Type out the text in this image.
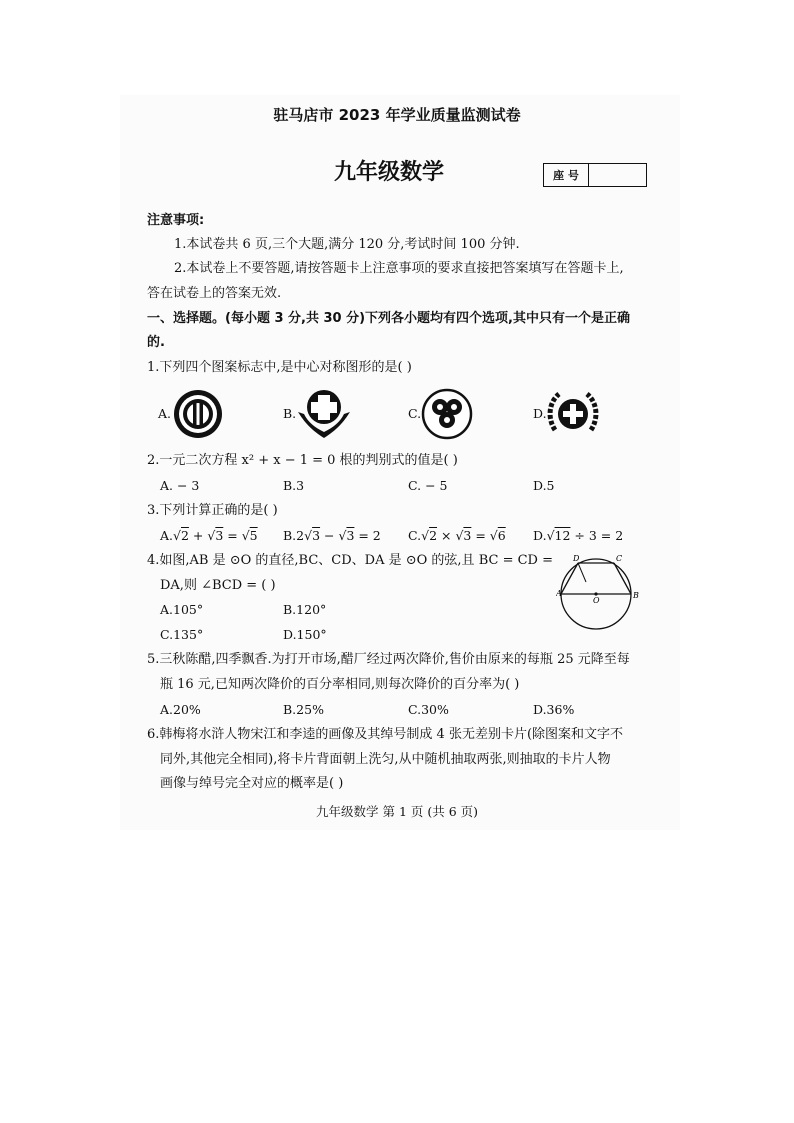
驻马店市 2023 年学业质量监测试卷
九年级数学	座 号
注意事项:
1.本试卷共 6 页,三个大题,满分 120 分,考试时间 100 分钟.
2.本试卷上不要答题,请按答题卡上注意事项的要求直接把答案填写在答题卡上,
答在试卷上的答案无效.
一、选择题。(每小题 3 分,共 30 分)下列各小题均有四个选项,其中只有一个是正确
的.
1.下列四个图案标志中,是中心对称图形的是( )
A.	B.	C.	D.
2.一元二次方程 x² + x − 1 = 0 根的判别式的值是( )
A. − 3	B.3	C. − 5	D.5
3.下列计算正确的是( )
A.√2 + √3 = √5 B.2√3 − √3 = 2 C.√2 × √3 = √6 D.√12 ÷ 3 = 2
4.如图,AB 是 ⊙O 的直径,BC、CD、DA 是 ⊙O 的弦,且 BC = CD =
DA,则 ∠BCD = ( )
A.105°	B.120°
C.135°	D.150°
D	C
A	B
O
5.三秋陈醋,四季飘香.为打开市场,醋厂经过两次降价,售价由原来的每瓶 25 元降至每
瓶 16 元,已知两次降价的百分率相同,则每次降价的百分率为( )
A.20%	B.25%	C.30%	D.36%
6.韩梅将水浒人物宋江和李逵的画像及其绰号制成 4 张无差别卡片(除图案和文字不
同外,其他完全相同),将卡片背面朝上洗匀,从中随机抽取两张,则抽取的卡片人物
画像与绰号完全对应的概率是( )
九年级数学 第 1 页 (共 6 页)
